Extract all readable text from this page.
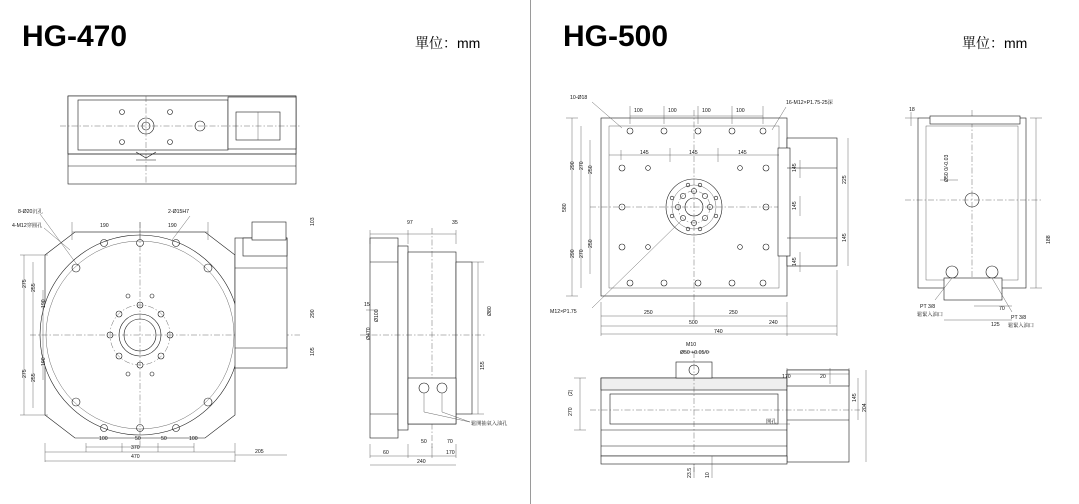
HG-470	單位：mm
8-Ø20沉孔
4-M12穿圓孔
2-Ø15H7
190	190	103
290
105
275 255
190
190
275 255
100	50	50	100
370
470
205
97	35
15
Ø100
Ø470
Ø80
155
60
50	70
170
240
鬆開抽氣入油孔
HG-500	單位：mm
10-Ø18
16-M12×P1.75-25深
100	100	100	100
145	145	145
145
145
145
290 270 250
580
290 270
250
250	250
500
740
240
225
145
M12×P1.75
18
Ø50 0/-0.03
188
PT 3/8
鬆緊入油口	PT 3/8
鬆緊入油口
70
125
M10
Ø50 +0.05/0
(2)
270
170	20
145
204
開孔
23.5 10
